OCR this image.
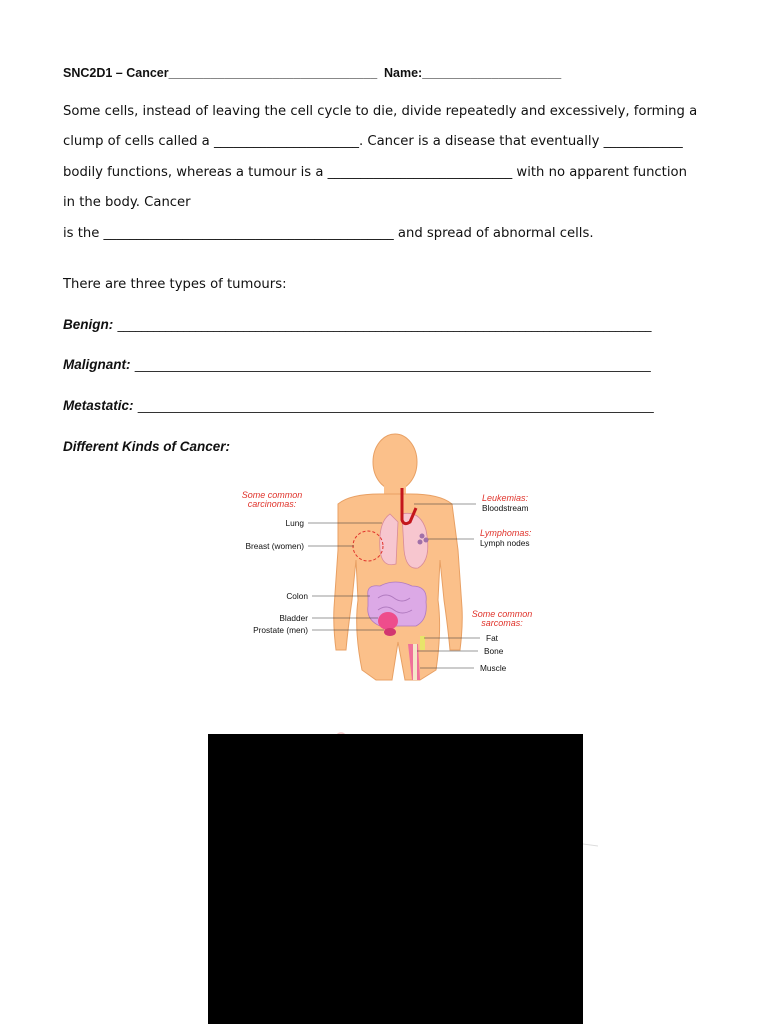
SNC2D1 – Cancer______________________________ Name:____________________
Some cells, instead of leaving the cell cycle to die, divide repeatedly and excessively, forming a
clump of cells called a ______________________. Cancer is a disease that eventually ____________
bodily functions, whereas a tumour is a ____________________________ with no apparent function
in the body. Cancer
is the ____________________________________________ and spread of abnormal cells.
There are three types of tumours:
Benign: _________________________________________________________________________________________
Malignant: ______________________________________________________________________________________
Metastatic: ______________________________________________________________________________________
Different Kinds of Cancer:
Some common
carcinomas:
Lung
Breast (women)
Colon
Bladder
Prostate (men)
Leukemias:
Bloodstream
Lymphomas:
Lymph nodes
Some common
sarcomas:
Fat
Bone
Muscle
